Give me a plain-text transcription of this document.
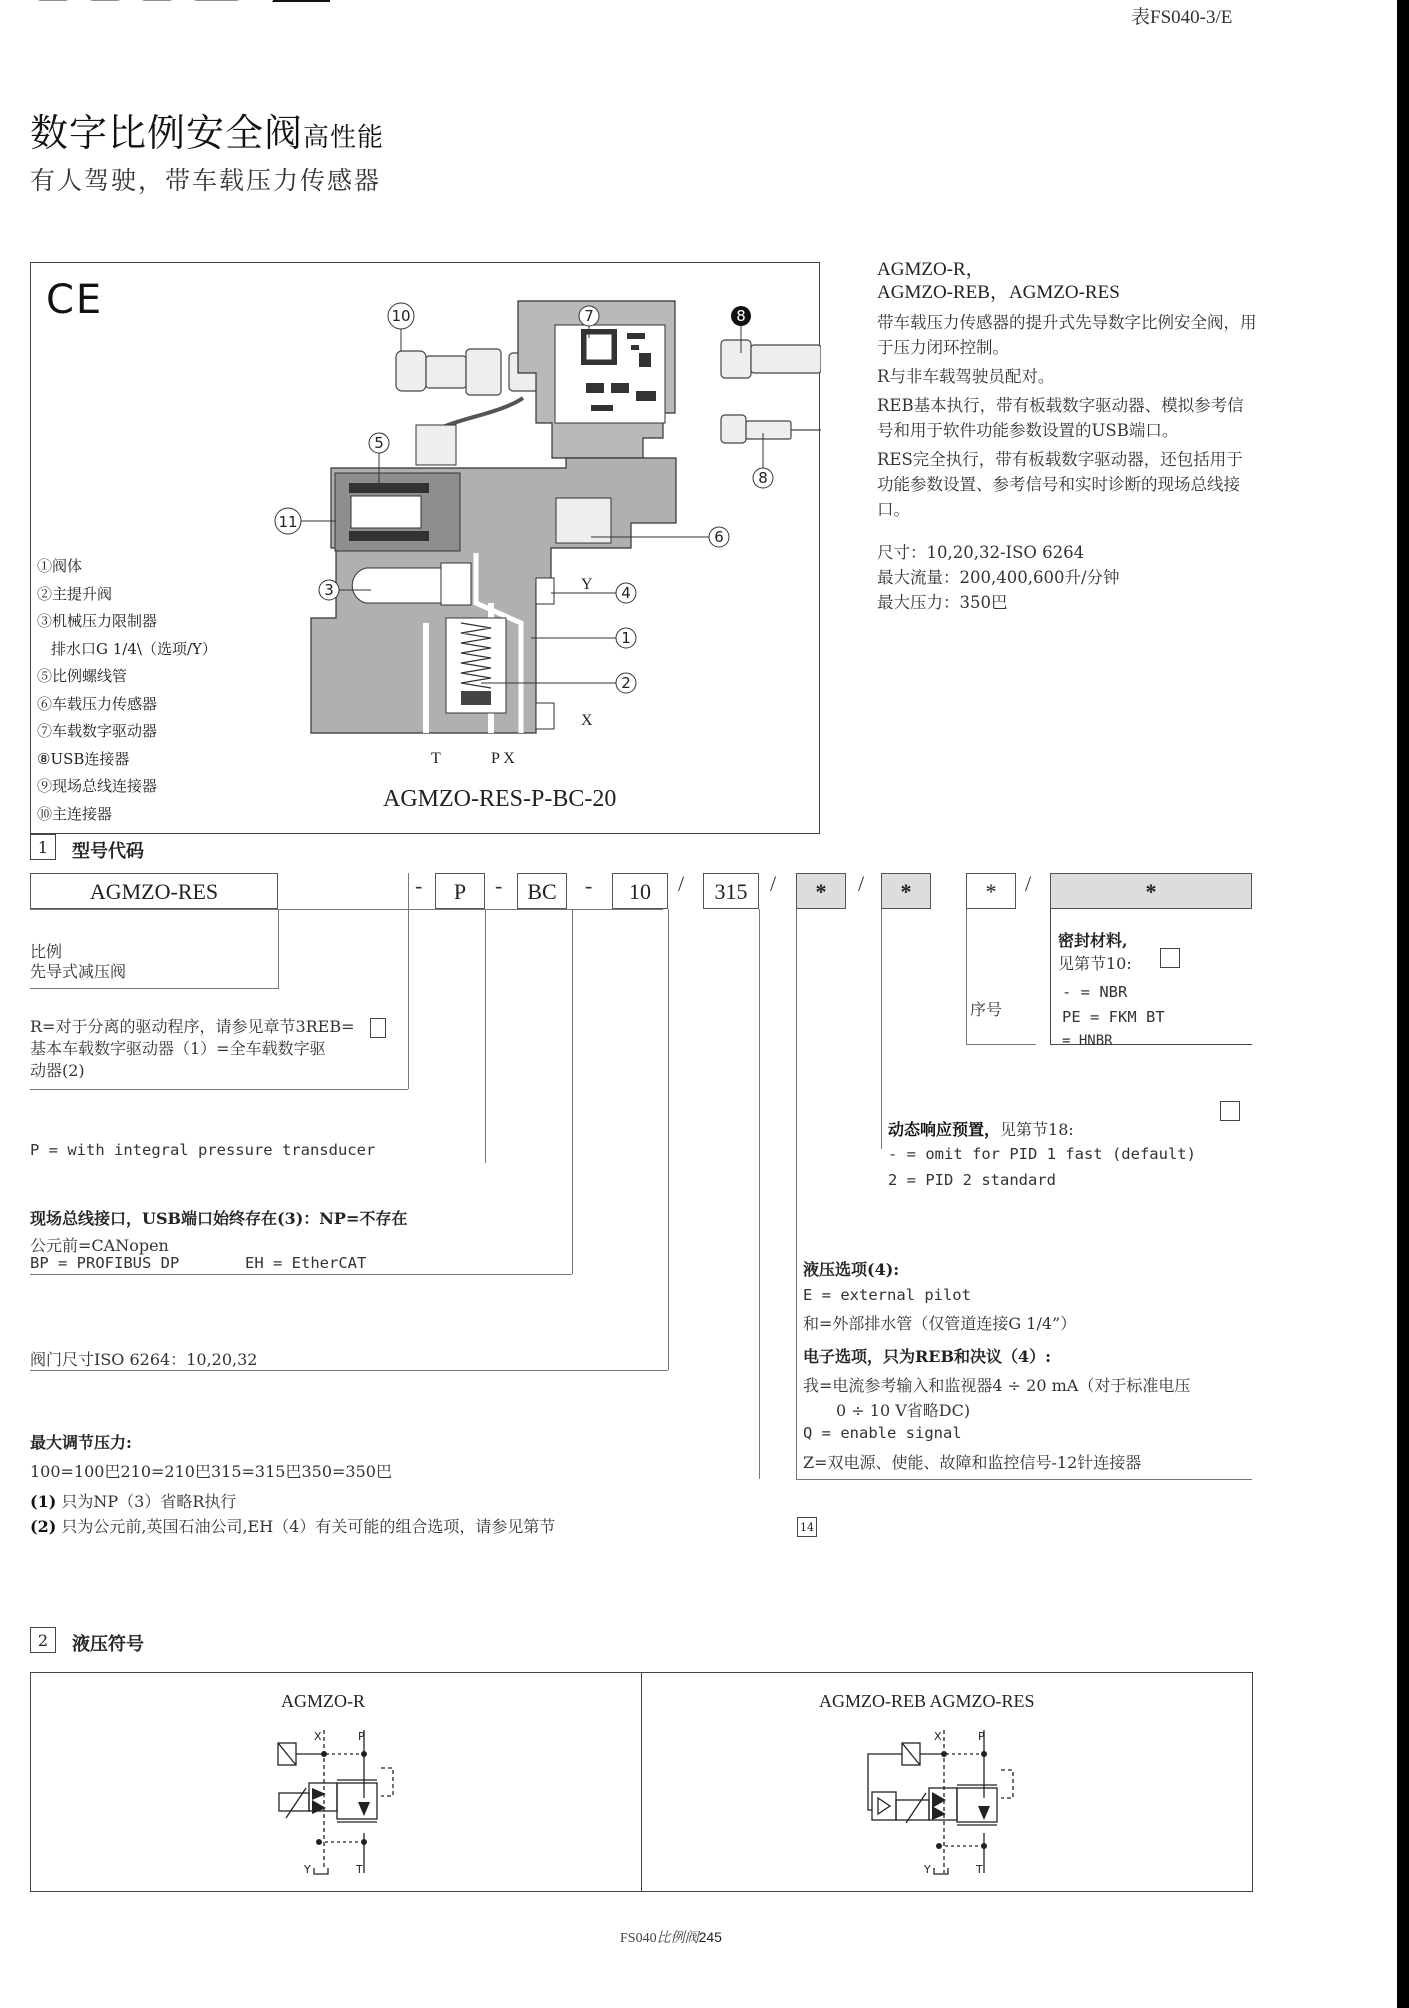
表FS040-3/E
数字比例安全阀高性能
有人驾驶，带车载压力传感器
CE
①阀体
②主提升阀
③机械压力限制器
排水口G 1/4\（选项/Y）
⑤比例螺线管
⑥车载压力传感器
⑦车载数字驱动器
⑧USB连接器
⑨现场总线连接器
⑩主连接器
10	7	8
5
11
6
8
3	4
1
2
T	P X
X
Y
AGMZO-RES-P-BC-20
AGMZO-R，
AGMZO-REB，AGMZO-RES

带车载压力传感器的提升式先导数字比例安全阀，用于压力闭环控制。

R与非车载驾驶员配对。

REB基本执行，带有板载数字驱动器、模拟参考信号和用于软件功能参数设置的USB端口。

RES完全执行，带有板载数字驱动器，还包括用于功能参数设置、参考信号和实时诊断的现场总线接口。

尺寸：10,20,32-ISO 6264
最大流量：200,400,600升/分钟
最大压力：350巴
1	型号代码
AGMZO-RES	-	P	-	BC	-	10	/	315	/	*	/	*	*	/	*
比例
先导式减压阀
R=对于分离的驱动程序，请参见章节3REB=
基本车载数字驱动器（1）=全车载数字驱
动器(2)
P = with integral pressure transducer
现场总线接口，USB端口始终存在(3)：NP=不存在
公元前=CANopen
BP = PROFIBUS DP	EH = EtherCAT
阀门尺寸ISO 6264：10,20,32
最大调节压力:
100=100巴210=210巴315=315巴350=350巴
(1) 只为NP（3）省略R执行
(2) 只为公元前,英国石油公司,EH（4）有关可能的组合选项，请参见第节	14
序号
密封材料,
见第节10:
- = NBR
PE = FKM BT
= HNBR
动态响应预置，见第节18:
- = omit for PID 1 fast (default)
2 = PID 2 standard
液压选项(4):
E = external pilot
和=外部排水管（仅管道连接G 1/4”）
电子选项，只为REB和决议（4）:
我=电流参考输入和监视器4 ÷ 20 mA（对于标准电压
0 ÷ 10 V省略DC)
Q = enable signal
Z=双电源、使能、故障和监控信号-12针连接器
2	液压符号
AGMZO-R	AGMZO-REB AGMZO-RES
X	P
Y	T
X	P
Y	T
FS040比例阀245
